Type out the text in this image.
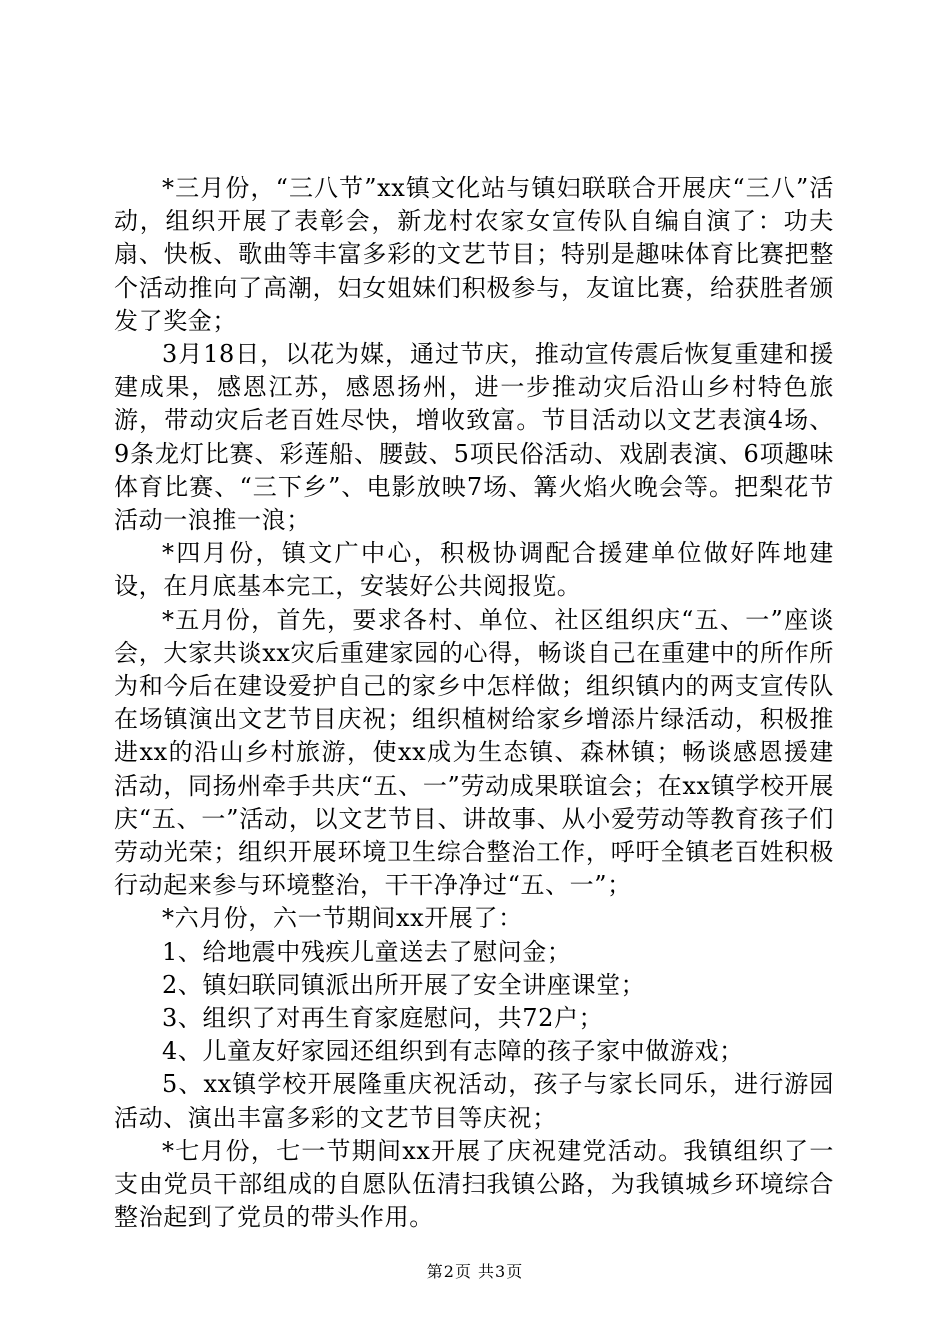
*三月份，“三八节”xx镇文化站与镇妇联联合开展庆“三八”活动，组织开展了表彰会，新龙村农家女宣传队自编自演了：功夫扇、快板、歌曲等丰富多彩的文艺节目；特别是趣味体育比赛把整个活动推向了高潮，妇女姐妹们积极参与，友谊比赛，给获胜者颁发了奖金；

3月18日，以花为媒，通过节庆，推动宣传震后恢复重建和援建成果，感恩江苏，感恩扬州，进一步推动灾后沿山乡村特色旅游，带动灾后老百姓尽快，增收致富。节目活动以文艺表演4场、9条龙灯比赛、彩莲船、腰鼓、5项民俗活动、戏剧表演、6项趣味体育比赛、“三下乡”、电影放映7场、篝火焰火晚会等。把梨花节活动一浪推一浪；

*四月份，镇文广中心，积极协调配合援建单位做好阵地建设，在月底基本完工，安装好公共阅报览。

*五月份，首先，要求各村、单位、社区组织庆“五、一”座谈会，大家共谈xx灾后重建家园的心得，畅谈自己在重建中的所作所为和今后在建设爱护自己的家乡中怎样做；组织镇内的两支宣传队在场镇演出文艺节目庆祝；组织植树给家乡增添片绿活动，积极推进xx的沿山乡村旅游，使xx成为生态镇、森林镇；畅谈感恩援建活动，同扬州牵手共庆“五、一”劳动成果联谊会；在xx镇学校开展庆“五、一”活动，以文艺节目、讲故事、从小爱劳动等教育孩子们劳动光荣；组织开展环境卫生综合整治工作，呼吁全镇老百姓积极行动起来参与环境整治，干干净净过“五、一”；

*六月份，六一节期间xx开展了：

1、给地震中残疾儿童送去了慰问金；

2、镇妇联同镇派出所开展了安全讲座课堂；

3、组织了对再生育家庭慰问，共72户；

4、儿童友好家园还组织到有志障的孩子家中做游戏；

5、xx镇学校开展隆重庆祝活动，孩子与家长同乐，进行游园活动、演出丰富多彩的文艺节目等庆祝；

*七月份，七一节期间xx开展了庆祝建党活动。我镇组织了一支由党员干部组成的自愿队伍清扫我镇公路，为我镇城乡环境综合整治起到了党员的带头作用。

第2页 共3页
